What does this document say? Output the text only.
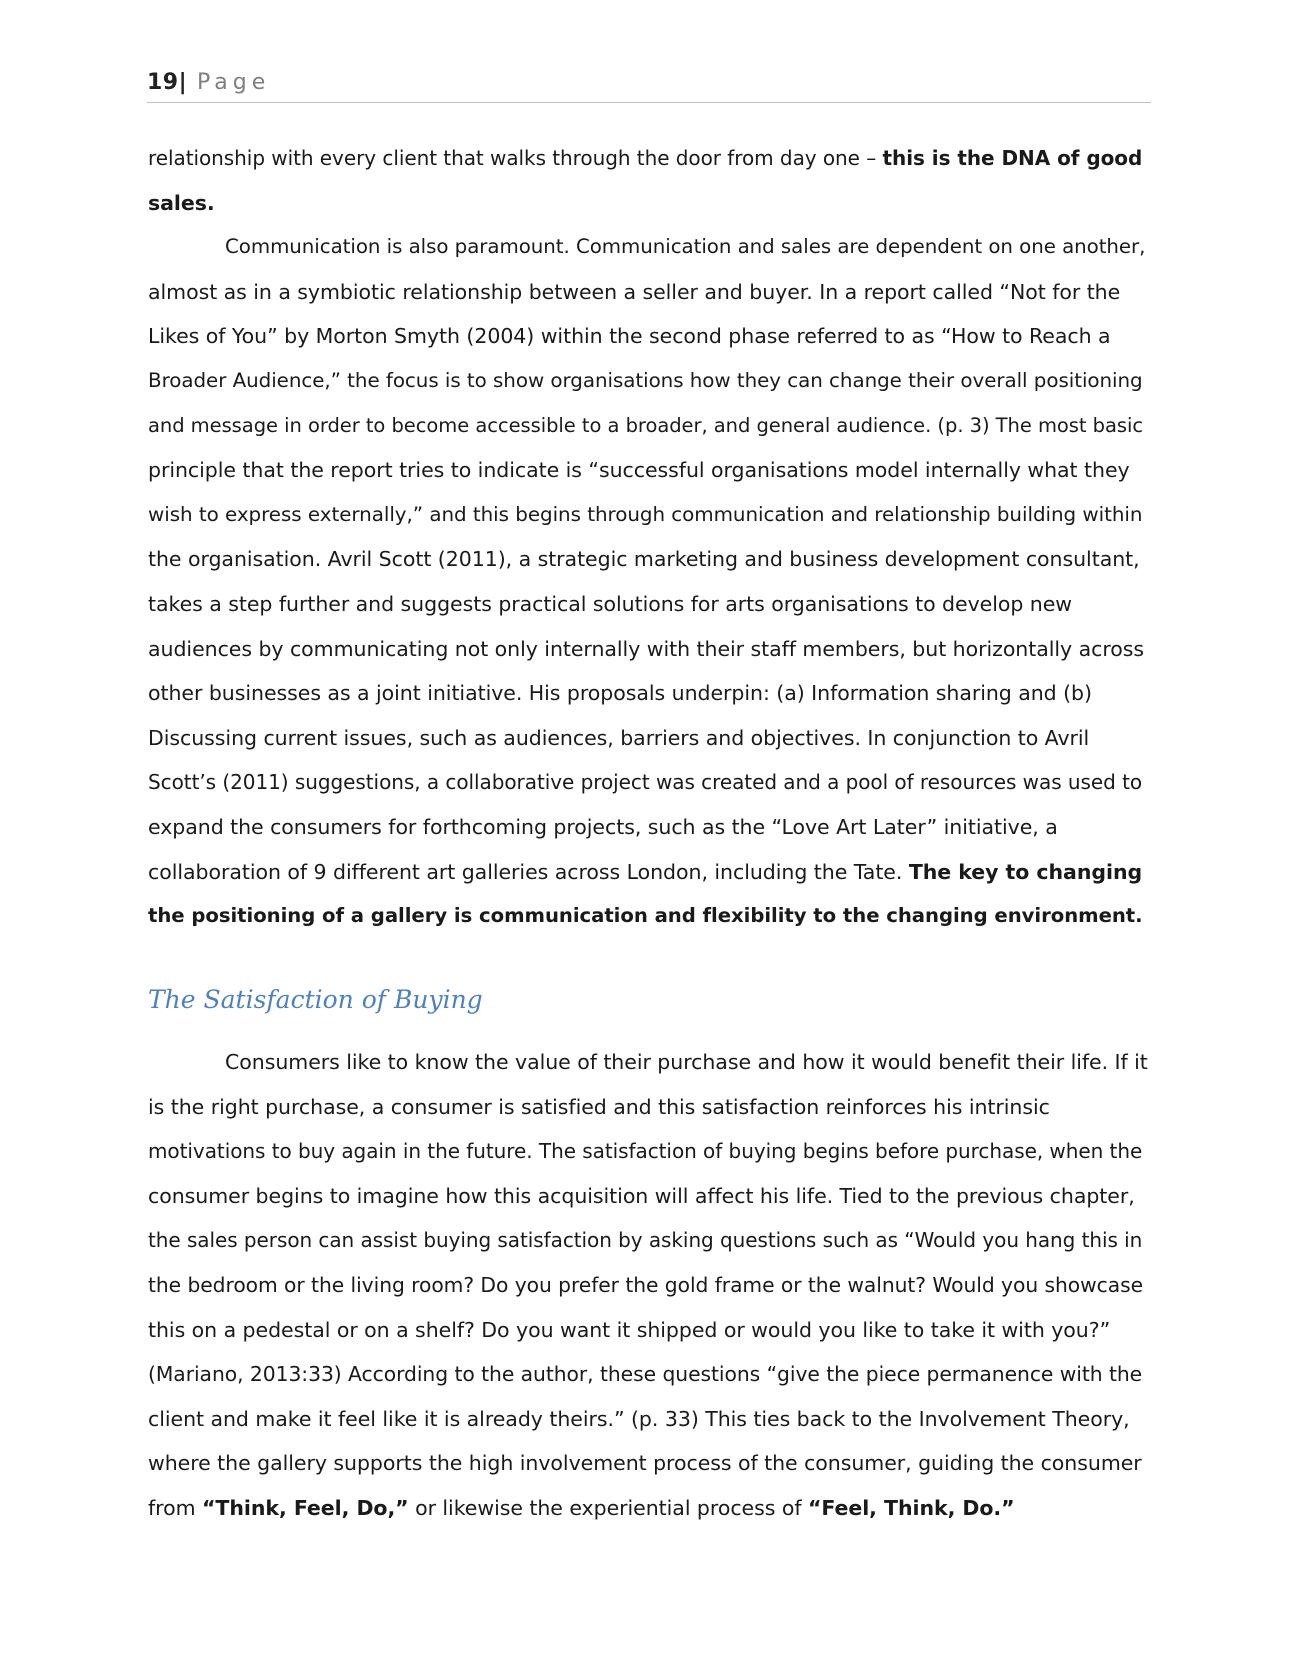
19| Page
relationship with every client that walks through the door from day one – this is the DNA of good
sales.
Communication is also paramount. Communication and sales are dependent on one another,
almost as in a symbiotic relationship between a seller and buyer. In a report called “Not for the
Likes of You” by Morton Smyth (2004) within the second phase referred to as “How to Reach a
Broader Audience,” the focus is to show organisations how they can change their overall positioning
and message in order to become accessible to a broader, and general audience. (p. 3) The most basic
principle that the report tries to indicate is “successful organisations model internally what they
wish to express externally,” and this begins through communication and relationship building within
the organisation. Avril Scott (2011), a strategic marketing and business development consultant,
takes a step further and suggests practical solutions for arts organisations to develop new
audiences by communicating not only internally with their staff members, but horizontally across
other businesses as a joint initiative. His proposals underpin: (a) Information sharing and (b)
Discussing current issues, such as audiences, barriers and objectives. In conjunction to Avril
Scott’s (2011) suggestions, a collaborative project was created and a pool of resources was used to
expand the consumers for forthcoming projects, such as the “Love Art Later” initiative, a
collaboration of 9 different art galleries across London, including the Tate. The key to changing
the positioning of a gallery is communication and flexibility to the changing environment.
The Satisfaction of Buying
Consumers like to know the value of their purchase and how it would benefit their life. If it
is the right purchase, a consumer is satisfied and this satisfaction reinforces his intrinsic
motivations to buy again in the future. The satisfaction of buying begins before purchase, when the
consumer begins to imagine how this acquisition will affect his life. Tied to the previous chapter,
the sales person can assist buying satisfaction by asking questions such as “Would you hang this in
the bedroom or the living room? Do you prefer the gold frame or the walnut? Would you showcase
this on a pedestal or on a shelf? Do you want it shipped or would you like to take it with you?”
(Mariano, 2013:33) According to the author, these questions “give the piece permanence with the
client and make it feel like it is already theirs.” (p. 33) This ties back to the Involvement Theory,
where the gallery supports the high involvement process of the consumer, guiding the consumer
from “Think, Feel, Do,” or likewise the experiential process of “Feel, Think, Do.”
